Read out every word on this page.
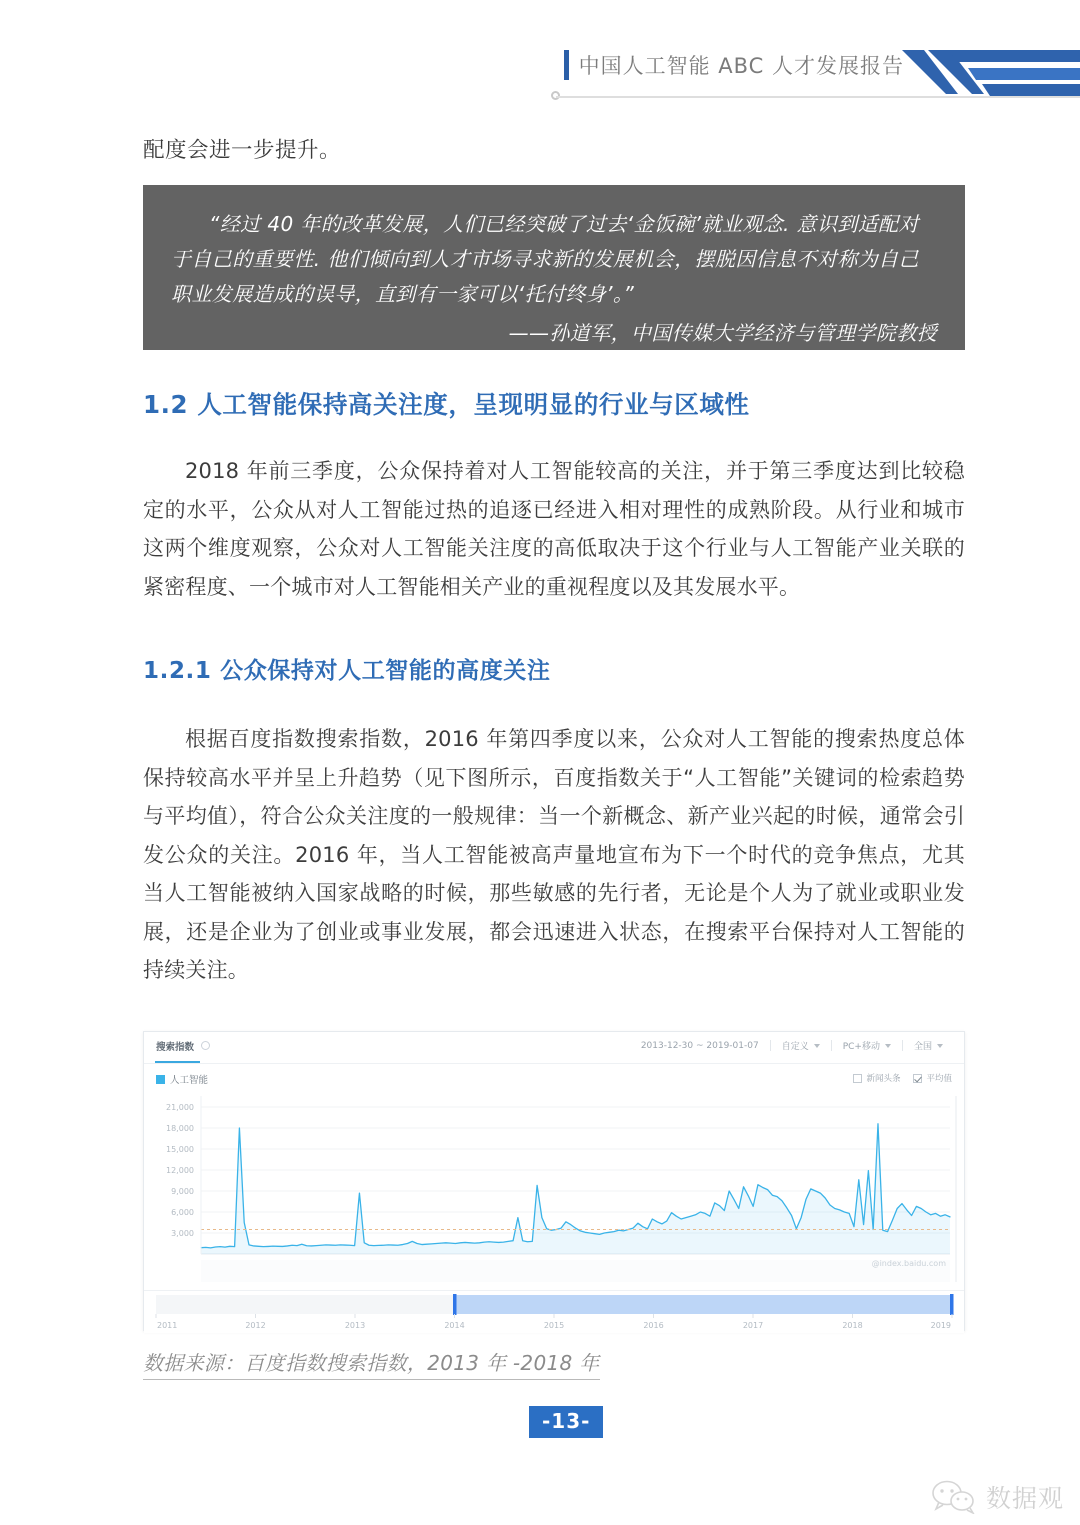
中国人工智能 ABC 人才发展报告
配度会进一步提升。
“经过 40 年的改革发展，人们已经突破了过去‘金饭碗’就业观念. 意识到适配对于自己的重要性. 他们倾向到人才市场寻求新的发展机会，摆脱因信息不对称为自己职业发展造成的误导，直到有一家可以‘托付终身’。”
——孙道军，中国传媒大学经济与管理学院教授
1.2 人工智能保持高关注度，呈现明显的行业与区域性
2018 年前三季度，公众保持着对人工智能较高的关注，并于第三季度达到比较稳定的水平，公众从对人工智能过热的追逐已经进入相对理性的成熟阶段。从行业和城市这两个维度观察，公众对人工智能关注度的高低取决于这个行业与人工智能产业关联的紧密程度、一个城市对人工智能相关产业的重视程度以及其发展水平。
1.2.1 公众保持对人工智能的高度关注
根据百度指数搜索指数，2016 年第四季度以来，公众对人工智能的搜索热度总体保持较高水平并呈上升趋势（见下图所示，百度指数关于“人工智能”关键词的检索趋势与平均值），符合公众关注度的一般规律：当一个新概念、新产业兴起的时候，通常会引发公众的关注。2016 年，当人工智能被高声量地宣布为下一个时代的竞争焦点，尤其当人工智能被纳入国家战略的时候，那些敏感的先行者，无论是个人为了就业或职业发展，还是企业为了创业或事业发展，都会迅速进入状态，在搜索平台保持对人工智能的持续关注。
搜索指数	2013-12-30 ~ 2019-01-07	自定义	PC+移动	全国
人工智能	新闻头条	平均值
3,000
6,000
9,000
12,000
15,000
18,000
21,000
@index.baidu.com
2011	2012	2013	2014	2015	2016	2017	2018	2019
数据来源：百度指数搜索指数，2013 年 -2018 年
-13-
数据观
